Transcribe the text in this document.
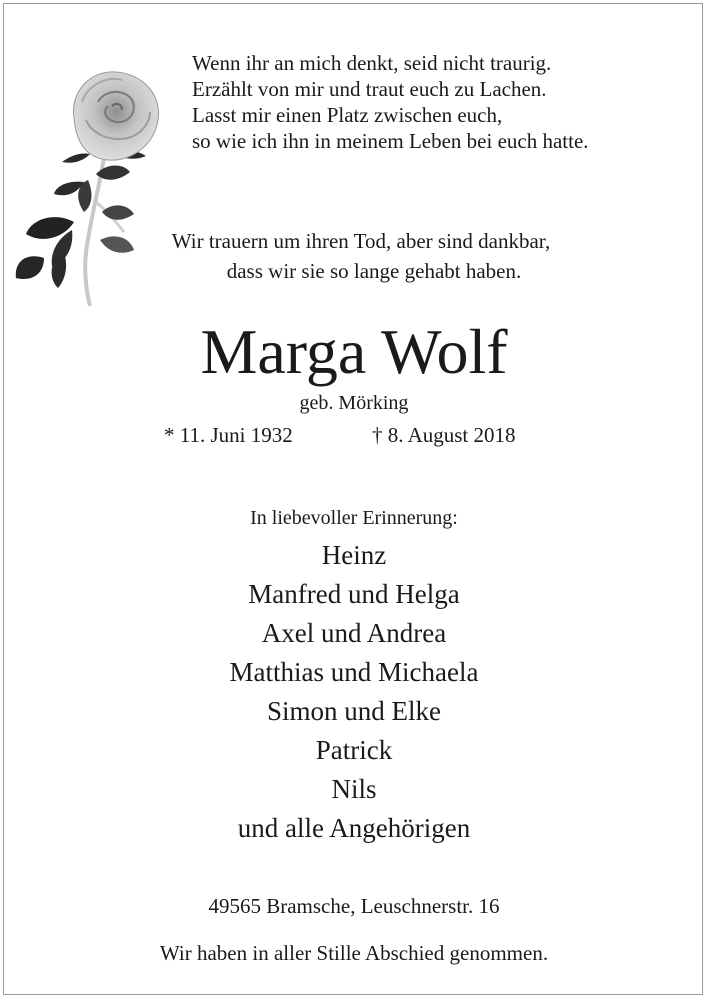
Wenn ihr an mich denkt, seid nicht traurig.
Erzählt von mir und traut euch zu Lachen.
Lasst mir einen Platz zwischen euch,
so wie ich ihn in meinem Leben bei euch hatte.
Wir trauern um ihren Tod, aber sind dankbar,
dass wir sie so lange gehabt haben.
Marga Wolf
geb. Mörking
* 11. Juni 1932	† 8. August 2018
In liebevoller Erinnerung:
Heinz
Manfred und Helga
Axel und Andrea
Matthias und Michaela
Simon und Elke
Patrick
Nils
und alle Angehörigen
49565 Bramsche, Leuschnerstr. 16
Wir haben in aller Stille Abschied genommen.
